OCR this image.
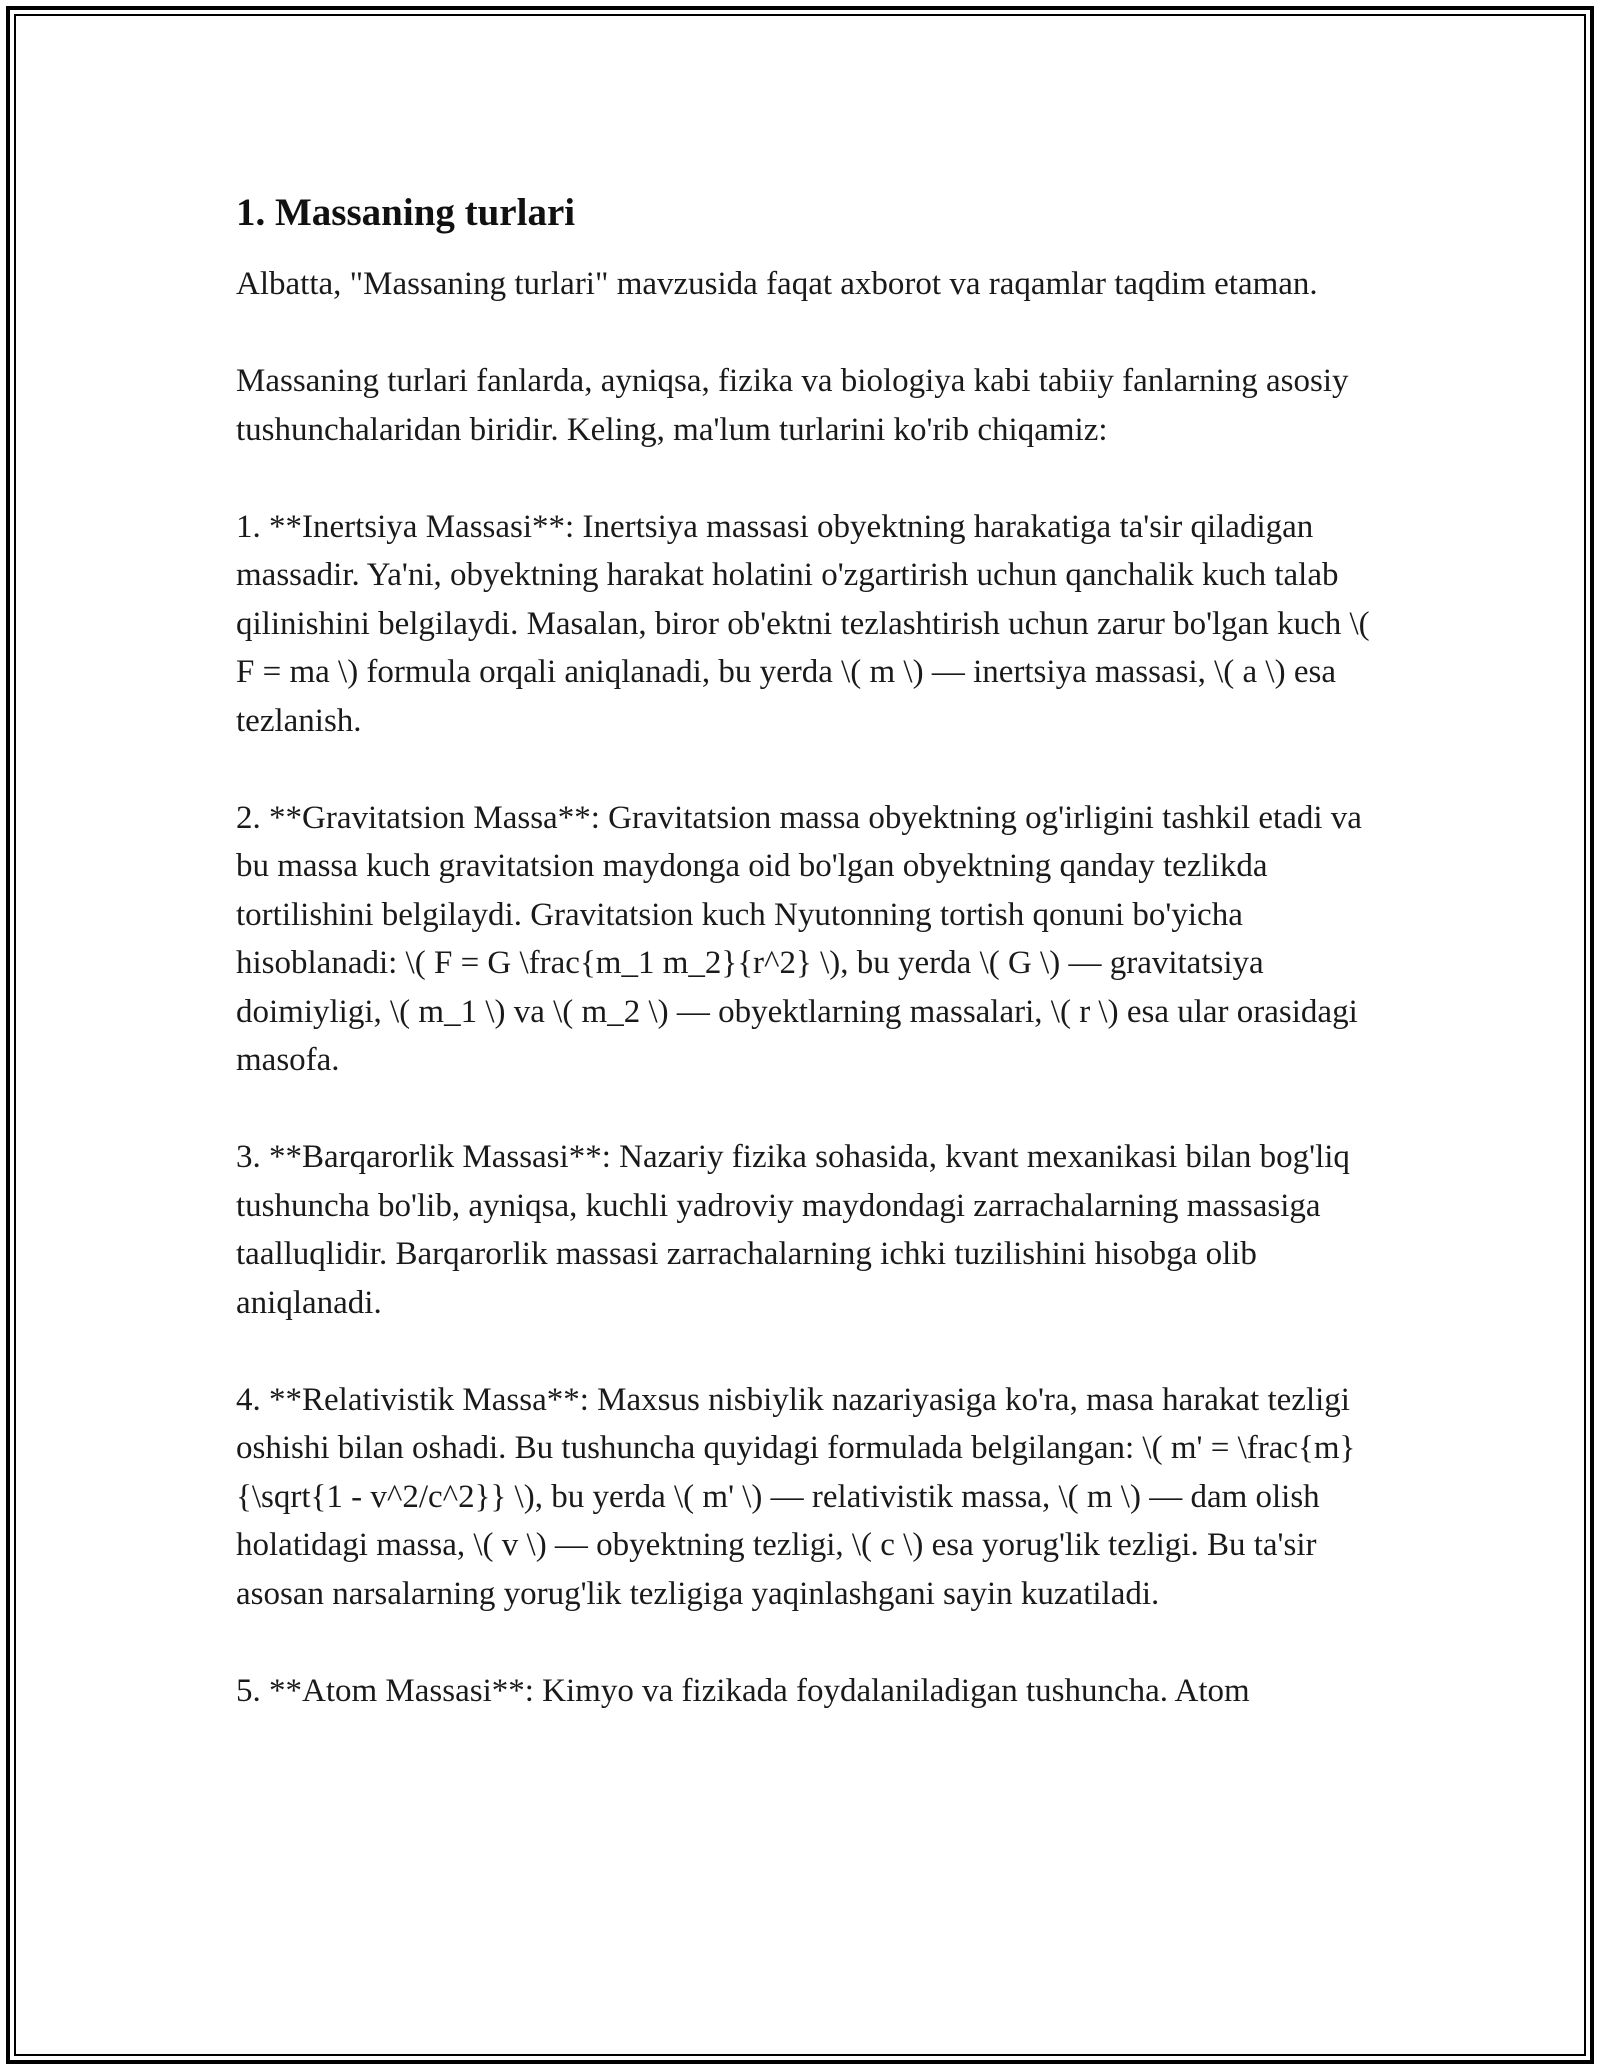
1. Massaning turlari

Albatta, "Massaning turlari" mavzusida faqat axborot va raqamlar taqdim etaman.

Massaning turlari fanlarda, ayniqsa, fizika va biologiya kabi tabiiy fanlarning asosiy tushunchalaridan biridir. Keling, ma'lum turlarini ko'rib chiqamiz:

1. **Inertsiya Massasi**: Inertsiya massasi obyektning harakatiga ta'sir qiladigan massadir. Ya'ni, obyektning harakat holatini o'zgartirish uchun qanchalik kuch talab qilinishini belgilaydi. Masalan, biror ob'ektni tezlashtirish uchun zarur bo'lgan kuch \( F = ma \) formula orqali aniqlanadi, bu yerda \( m \) — inertsiya massasi, \( a \) esa tezlanish.

2. **Gravitatsion Massa**: Gravitatsion massa obyektning og'irligini tashkil etadi va bu massa kuch gravitatsion maydonga oid bo'lgan obyektning qanday tezlikda tortilishini belgilaydi. Gravitatsion kuch Nyutonning tortish qonuni bo'yicha hisoblanadi: \( F = G \frac{m_1 m_2}{r^2} \), bu yerda \( G \) — gravitatsiya doimiyligi, \( m_1 \) va \( m_2 \) — obyektlarning massalari, \( r \) esa ular orasidagi masofa.

3. **Barqarorlik Massasi**: Nazariy fizika sohasida, kvant mexanikasi bilan bog'liq tushuncha bo'lib, ayniqsa, kuchli yadroviy maydondagi zarrachalarning massasiga taalluqlidir. Barqarorlik massasi zarrachalarning ichki tuzilishini hisobga olib aniqlanadi.

4. **Relativistik Massa**: Maxsus nisbiylik nazariyasiga ko'ra, masa harakat tezligi oshishi bilan oshadi. Bu tushuncha quyidagi formulada belgilangan: \( m' = \frac{m}{\sqrt{1 - v^2/c^2}} \), bu yerda \( m' \) — relativistik massa, \( m \) — dam olish holatidagi massa, \( v \) — obyektning tezligi, \( c \) esa yorug'lik tezligi. Bu ta'sir asosan narsalarning yorug'lik tezligiga yaqinlashgani sayin kuzatiladi.

5. **Atom Massasi**: Kimyo va fizikada foydalaniladigan tushuncha. Atom
